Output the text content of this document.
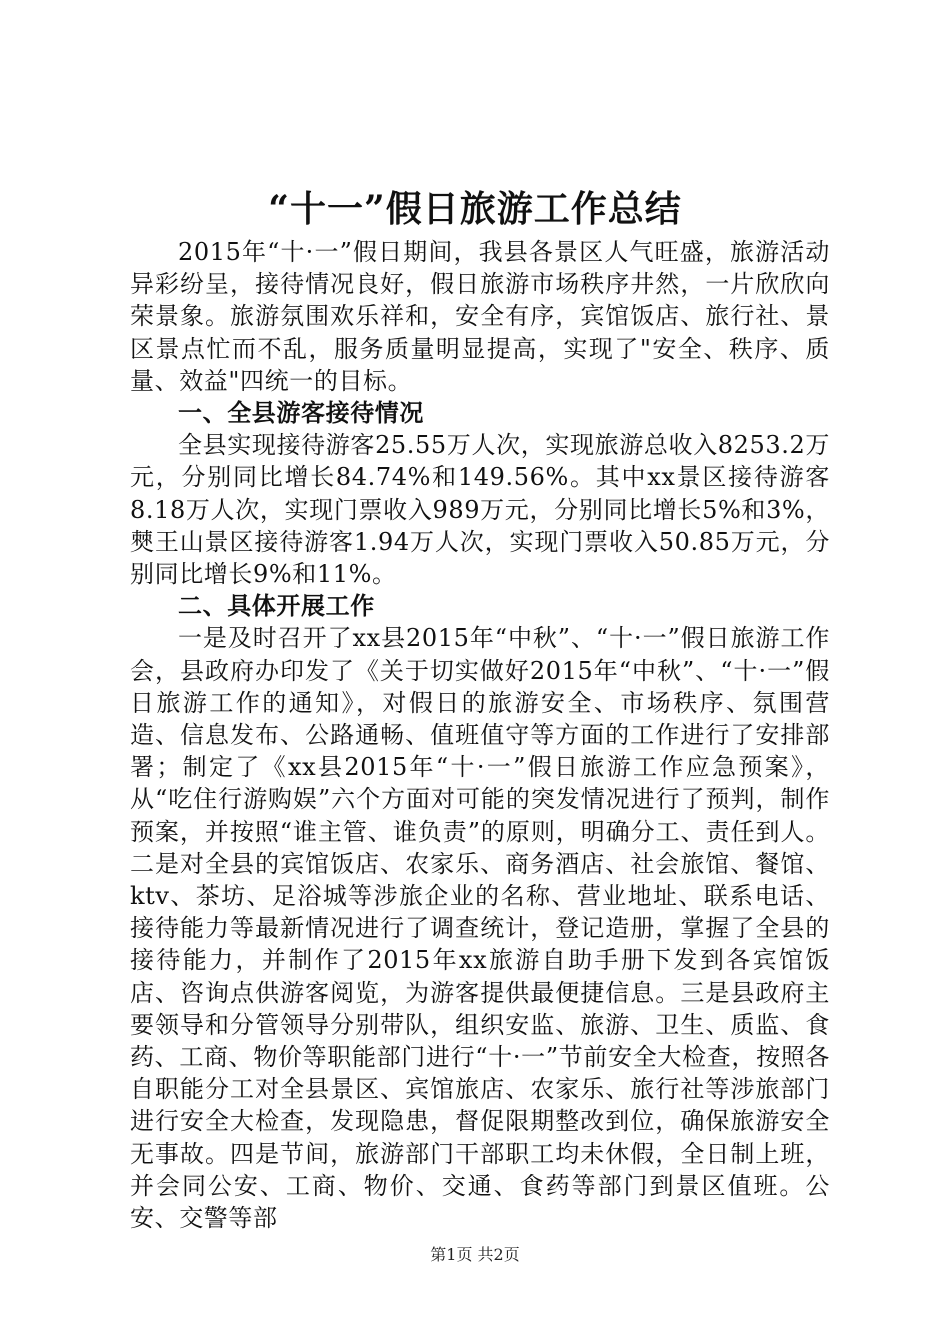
“十一”假日旅游工作总结

2015年“十·一”假日期间，我县各景区人气旺盛，旅游活动异彩纷呈，接待情况良好，假日旅游市场秩序井然，一片欣欣向荣景象。旅游氛围欢乐祥和，安全有序，宾馆饭店、旅行社、景区景点忙而不乱，服务质量明显提高，实现了"安全、秩序、质量、效益"四统一的目标。

一、全县游客接待情况

全县实现接待游客25.55万人次，实现旅游总收入8253.2万元，分别同比增长84.74%和149.56%。其中xx景区接待游客8.18万人次，实现门票收入989万元，分别同比增长5%和3%，僰王山景区接待游客1.94万人次，实现门票收入50.85万元，分别同比增长9%和11%。

二、具体开展工作

一是及时召开了xx县2015年“中秋”、“十·一”假日旅游工作会，县政府办印发了《关于切实做好2015年“中秋”、“十·一”假日旅游工作的通知》，对假日的旅游安全、市场秩序、氛围营造、信息发布、公路通畅、值班值守等方面的工作进行了安排部署；制定了《xx县2015年“十·一”假日旅游工作应急预案》，从“吃住行游购娱”六个方面对可能的突发情况进行了预判，制作预案，并按照“谁主管、谁负责”的原则，明确分工、责任到人。二是对全县的宾馆饭店、农家乐、商务酒店、社会旅馆、餐馆、ktv、茶坊、足浴城等涉旅企业的名称、营业地址、联系电话、接待能力等最新情况进行了调查统计，登记造册，掌握了全县的接待能力，并制作了2015年xx旅游自助手册下发到各宾馆饭店、咨询点供游客阅览，为游客提供最便捷信息。三是县政府主要领导和分管领导分别带队，组织安监、旅游、卫生、质监、食药、工商、物价等职能部门进行“十·一”节前安全大检查，按照各自职能分工对全县景区、宾馆旅店、农家乐、旅行社等涉旅部门进行安全大检查，发现隐患，督促限期整改到位，确保旅游安全无事故。四是节间，旅游部门干部职工均未休假，全日制上班，并会同公安、工商、物价、交通、食药等部门到景区值班。公安、交警等部

第1页 共2页
